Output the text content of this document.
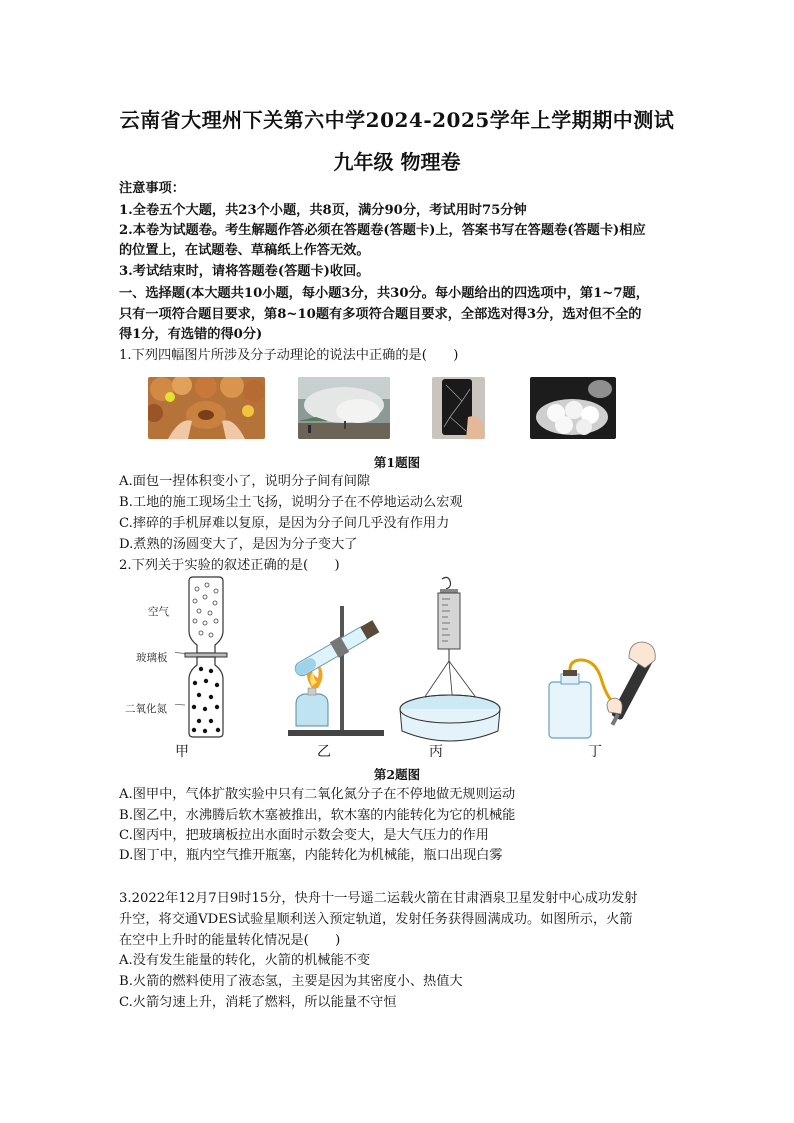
云南省大理州下关第六中学2024-2025学年上学期期中测试
九年级 物理卷
注意事项：
1.全卷五个大题，共23个小题，共8页，满分90分，考试用时75分钟
2.本卷为试题卷。考生解题作答必须在答题卷(答题卡)上，答案书写在答题卷(答题卡)相应
的位置上，在试题卷、草稿纸上作答无效。
3.考试结束时，请将答题卷(答题卡)收回。
一、选择题(本大题共10小题，每小题3分，共30分。每小题给出的四选项中，第1~7题，
只有一项符合题目要求，第8~10题有多项符合题目要求，全部选对得3分，选对但不全的
得1分，有选错的得0分)
1.下列四幅图片所涉及分子动理论的说法中正确的是(　　)
第1题图
A.面包一捏体积变小了，说明分子间有间隙
B.工地的施工现场尘土飞扬，说明分子在不停地运动么宏观
C.摔碎的手机屏难以复原，是因为分子间几乎没有作用力
D.煮熟的汤圆变大了，是因为分子变大了
2.下列关于实验的叙述正确的是(　　)
空气
玻璃板
二氧化氮
甲	乙	丙	丁
第2题图
A.图甲中，气体扩散实验中只有二氧化氮分子在不停地做无规则运动
B.图乙中，水沸腾后软木塞被推出，软木塞的内能转化为它的机械能
C.图丙中，把玻璃板拉出水面时示数会变大，是大气压力的作用
D.图丁中，瓶内空气推开瓶塞，内能转化为机械能，瓶口出现白雾
3.2022年12月7日9时15分，快舟十一号遥二运载火箭在甘肃酒泉卫星发射中心成功发射
升空，将交通VDES试验星顺利送入预定轨道，发射任务获得圆满成功。如图所示，火箭
在空中上升时的能量转化情况是(　　)
A.没有发生能量的转化，火箭的机械能不变
B.火箭的燃料使用了液态氢，主要是因为其密度小、热值大
C.火箭匀速上升，消耗了燃料，所以能量不守恒
